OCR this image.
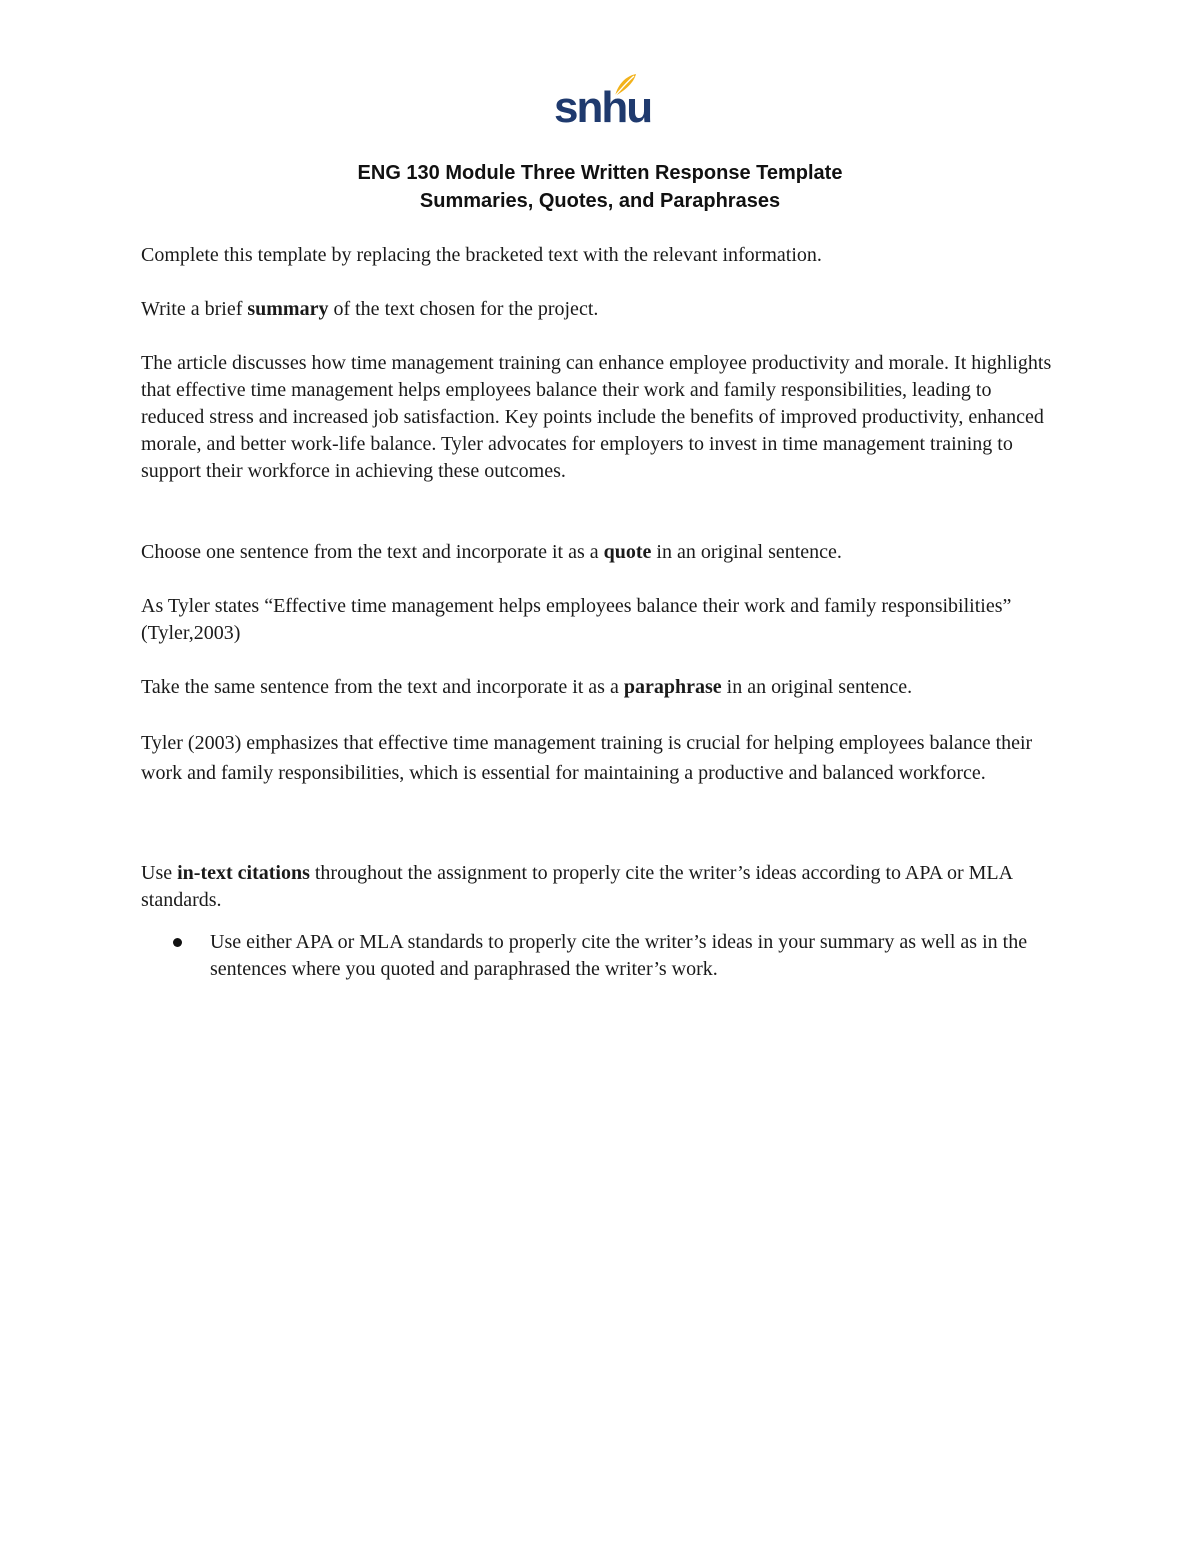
snhu
ENG 130 Module Three Written Response Template
Summaries, Quotes, and Paraphrases

Complete this template by replacing the bracketed text with the relevant information.

Write a brief summary of the text chosen for the project.

The article discusses how time management training can enhance employee productivity and morale. It highlights that effective time management helps employees balance their work and family responsibilities, leading to reduced stress and increased job satisfaction. Key points include the benefits of improved productivity, enhanced morale, and better work-life balance. Tyler advocates for employers to invest in time management training to support their workforce in achieving these outcomes.

Choose one sentence from the text and incorporate it as a quote in an original sentence.

As Tyler states “Effective time management helps employees balance their work and family responsibilities” (Tyler,2003)

Take the same sentence from the text and incorporate it as a paraphrase in an original sentence.

Tyler (2003) emphasizes that effective time management training is crucial for helping employees balance their work and family responsibilities, which is essential for maintaining a productive and balanced workforce.

Use in-text citations throughout the assignment to properly cite the writer’s ideas according to APA or MLA standards.

Use either APA or MLA standards to properly cite the writer’s ideas in your summary as well as in the sentences where you quoted and paraphrased the writer’s work.
